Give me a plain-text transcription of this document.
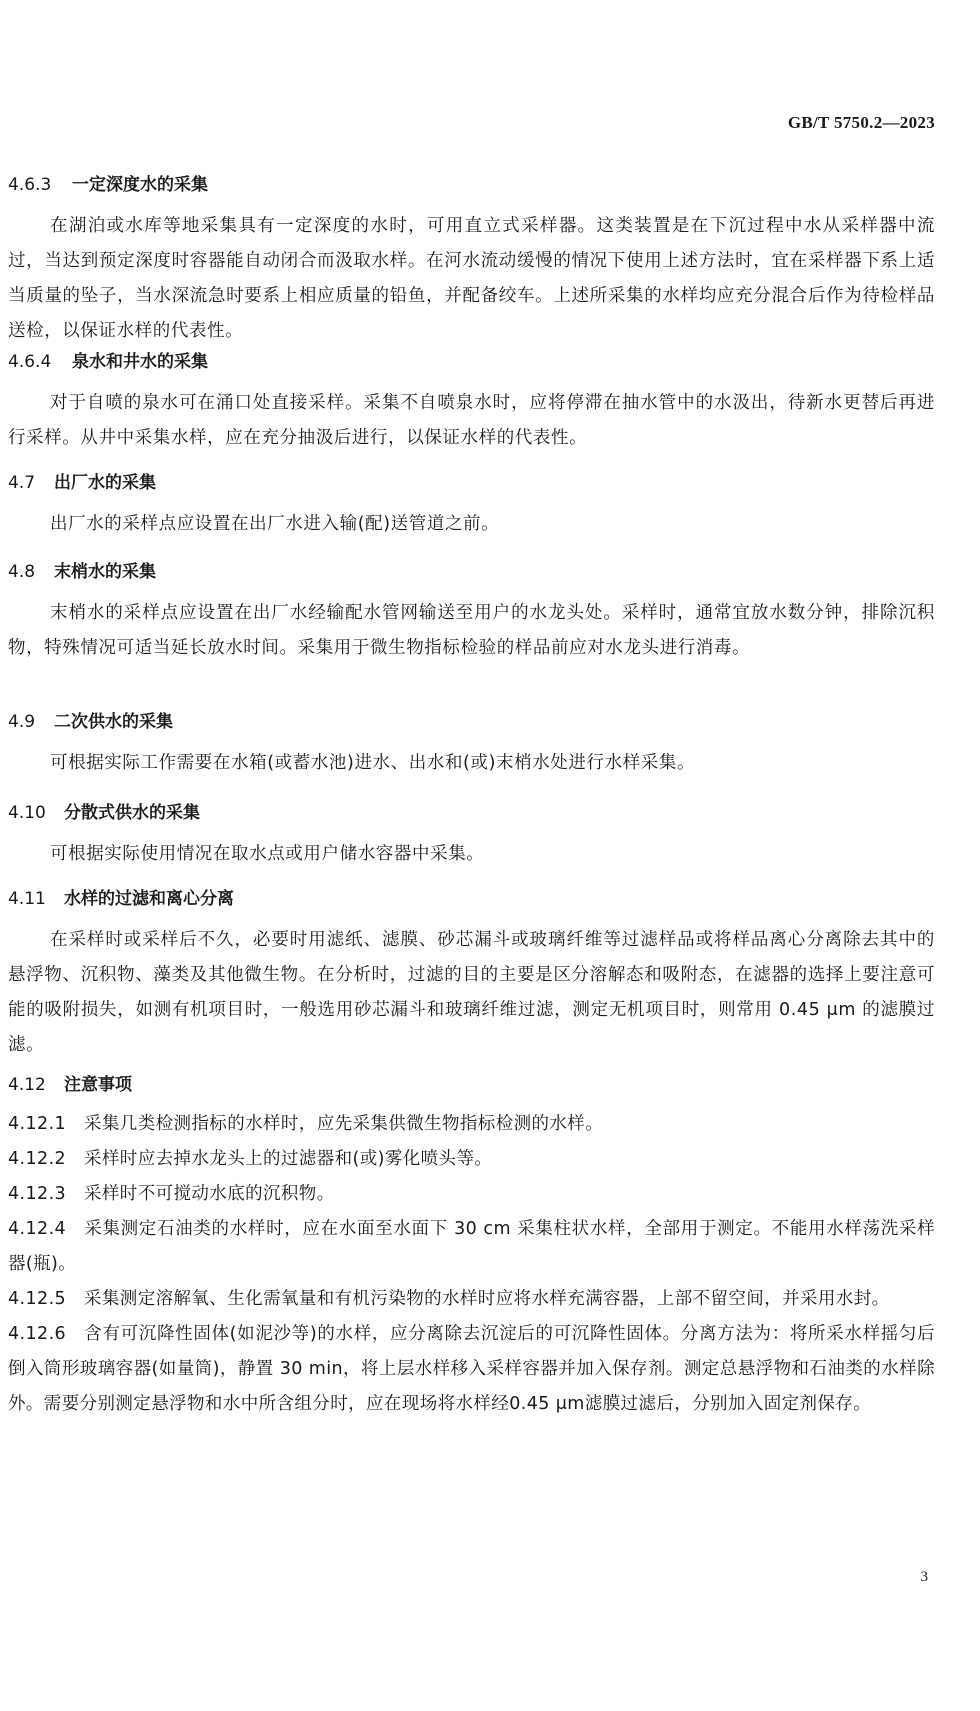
GB/T 5750.2—2023
4.6.3 一定深度水的采集

在湖泊或水库等地采集具有一定深度的水时，可用直立式采样器。这类装置是在下沉过程中水从采样器中流过，当达到预定深度时容器能自动闭合而汲取水样。在河水流动缓慢的情况下使用上述方法时，宜在采样器下系上适当质量的坠子，当水深流急时要系上相应质量的铅鱼，并配备绞车。上述所采集的水样均应充分混合后作为待检样品送检，以保证水样的代表性。

4.6.4 泉水和井水的采集

对于自喷的泉水可在涌口处直接采样。采集不自喷泉水时，应将停滞在抽水管中的水汲出，待新水更替后再进行采样。从井中采集水样，应在充分抽汲后进行，以保证水样的代表性。

4.7 出厂水的采集

出厂水的采样点应设置在出厂水进入输(配)送管道之前。

4.8 末梢水的采集

末梢水的采样点应设置在出厂水经输配水管网输送至用户的水龙头处。采样时，通常宜放水数分钟，排除沉积物，特殊情况可适当延长放水时间。采集用于微生物指标检验的样品前应对水龙头进行消毒。

4.9 二次供水的采集

可根据实际工作需要在水箱(或蓄水池)进水、出水和(或)末梢水处进行水样采集。

4.10 分散式供水的采集

可根据实际使用情况在取水点或用户储水容器中采集。

4.11 水样的过滤和离心分离

在采样时或采样后不久，必要时用滤纸、滤膜、砂芯漏斗或玻璃纤维等过滤样品或将样品离心分离除去其中的悬浮物、沉积物、藻类及其他微生物。在分析时，过滤的目的主要是区分溶解态和吸附态，在滤器的选择上要注意可能的吸附损失，如测有机项目时，一般选用砂芯漏斗和玻璃纤维过滤，测定无机项目时，则常用 0.45 μm 的滤膜过滤。

4.12 注意事项

4.12.1 采集几类检测指标的水样时，应先采集供微生物指标检测的水样。

4.12.2 采样时应去掉水龙头上的过滤器和(或)雾化喷头等。

4.12.3 采样时不可搅动水底的沉积物。

4.12.4 采集测定石油类的水样时，应在水面至水面下 30 cm 采集柱状水样，全部用于测定。不能用水样荡洗采样器(瓶)。

4.12.5 采集测定溶解氧、生化需氧量和有机污染物的水样时应将水样充满容器，上部不留空间，并采用水封。

4.12.6 含有可沉降性固体(如泥沙等)的水样，应分离除去沉淀后的可沉降性固体。分离方法为：将所采水样摇匀后倒入筒形玻璃容器(如量筒)，静置 30 min，将上层水样移入采样容器并加入保存剂。测定总悬浮物和石油类的水样除外。需要分别测定悬浮物和水中所含组分时，应在现场将水样经0.45 μm滤膜过滤后，分别加入固定剂保存。

3
